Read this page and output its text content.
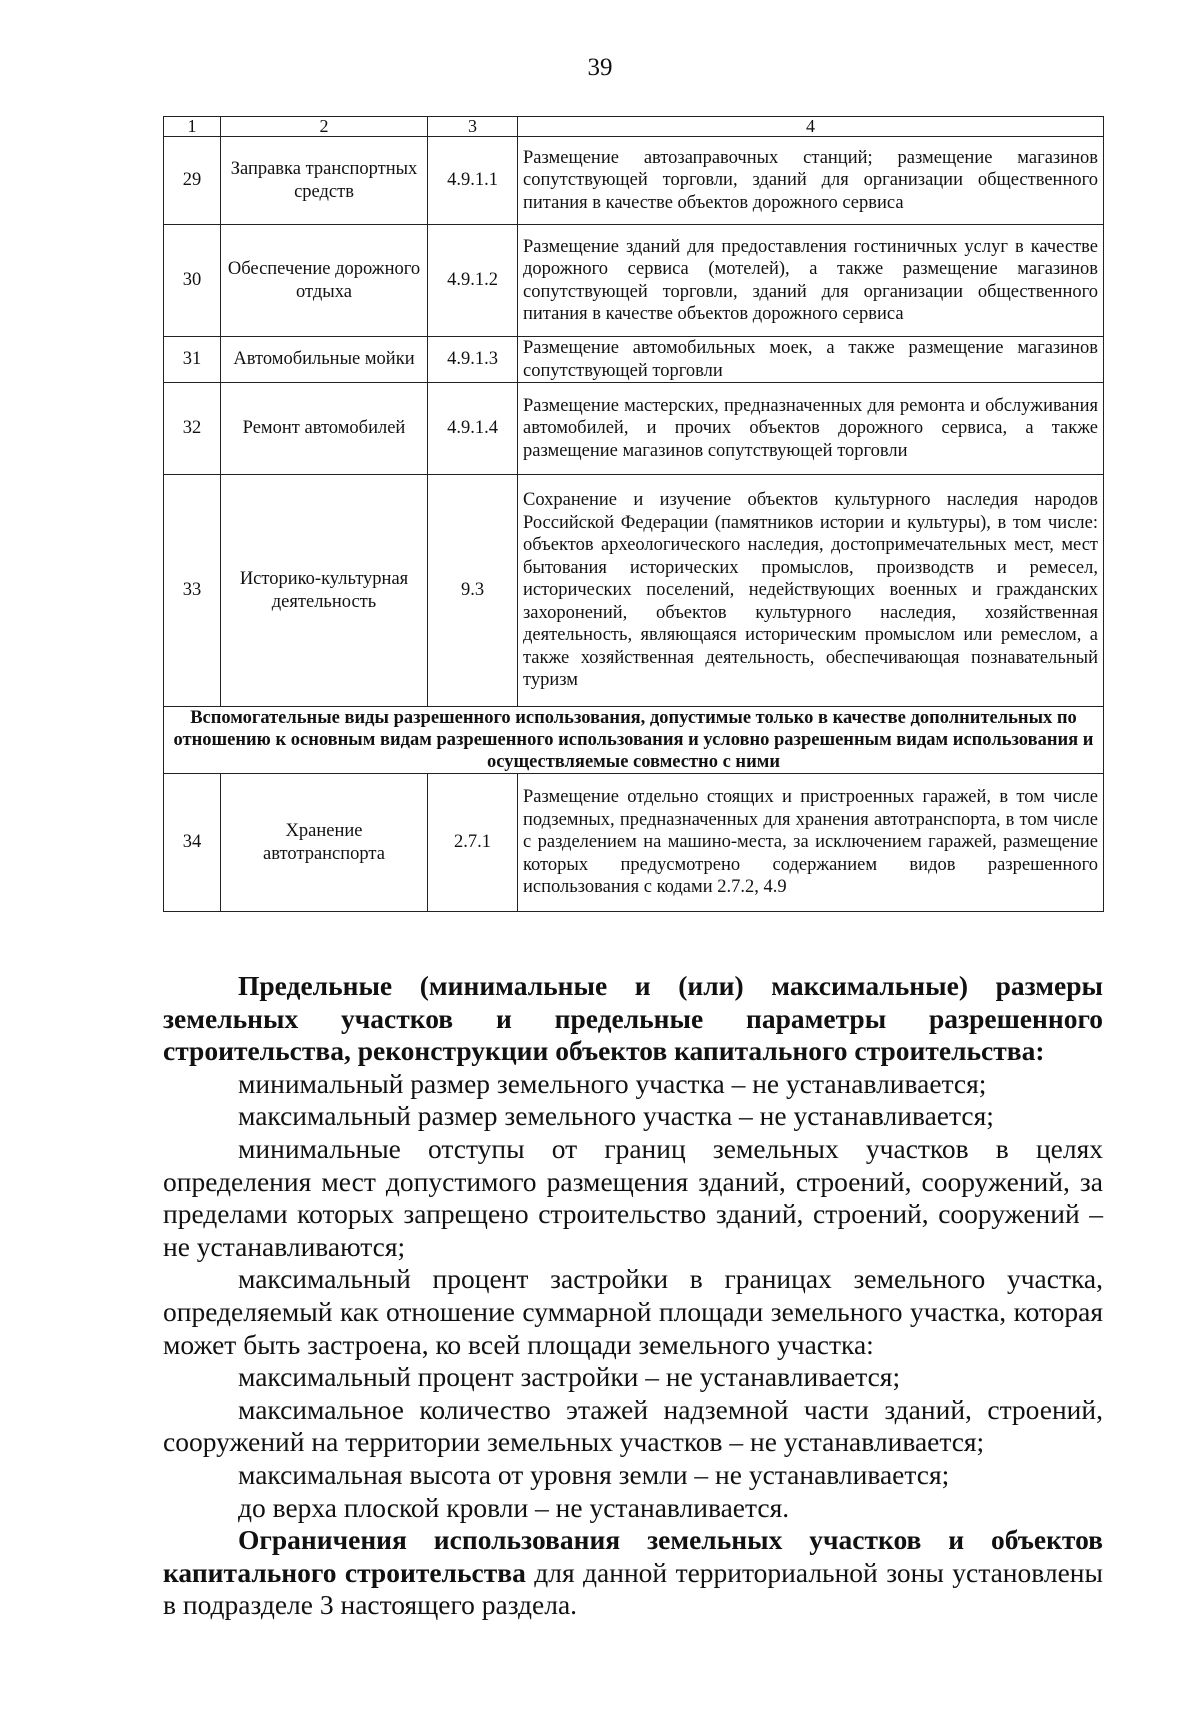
39
1	2	3	4
29	Заправка транспортных средств	4.9.1.1	Размещение автозаправочных станций; размещение магазинов сопутствующей торговли, зданий для организации общественного питания в качестве объектов дорожного сервиса
30	Обеспечение дорожного отдыха	4.9.1.2	Размещение зданий для предоставления гостиничных услуг в качестве дорожного сервиса (мотелей), а также размещение магазинов сопутствующей торговли, зданий для организации общественного питания в качестве объектов дорожного сервиса
31	Автомобильные мойки	4.9.1.3	Размещение автомобильных моек, а также размещение магазинов сопутствующей торговли
32	Ремонт автомобилей	4.9.1.4	Размещение мастерских, предназначенных для ремонта и обслуживания автомобилей, и прочих объектов дорожного сервиса, а также размещение магазинов сопутствующей торговли
33	Историко-культурная деятельность	9.3	Сохранение и изучение объектов культурного наследия народов Российской Федерации (памятников истории и культуры), в том числе: объектов археологического наследия, достопримечательных мест, мест бытования исторических промыслов, производств и ремесел, исторических поселений, недействующих военных и гражданских захоронений, объектов культурного наследия, хозяйственная деятельность, являющаяся историческим промыслом или ремеслом, а также хозяйственная деятельность, обеспечивающая познавательный туризм
Вспомогательные виды разрешенного использования, допустимые только в качестве дополнительных по отношению к основным видам разрешенного использования и условно разрешенным видам использования и осуществляемые совместно с ними			
34	Хранение автотранспорта	2.7.1	Размещение отдельно стоящих и пристроенных гаражей, в том числе подземных, предназначенных для хранения автотранспорта, в том числе с разделением на машино-места, за исключением гаражей, размещение которых предусмотрено содержанием видов разрешенного использования с кодами 2.7.2, 4.9

Предельные (минимальные и (или) максимальные) размеры земельных участков и предельные параметры разрешенного строительства, реконструкции объектов капитального строительства:

минимальный размер земельного участка – не устанавливается;

максимальный размер земельного участка – не устанавливается;

минимальные отступы от границ земельных участков в целях определения мест допустимого размещения зданий, строений, сооружений, за пределами которых запрещено строительство зданий, строений, сооружений – не устанавливаются;

максимальный процент застройки в границах земельного участка, определяемый как отношение суммарной площади земельного участка, которая может быть застроена, ко всей площади земельного участка:

максимальный процент застройки – не устанавливается;

максимальное количество этажей надземной части зданий, строений, сооружений на территории земельных участков – не устанавливается;

максимальная высота от уровня земли – не устанавливается;

до верха плоской кровли – не устанавливается.

Ограничения использования земельных участков и объектов капитального строительства для данной территориальной зоны установлены в подразделе 3 настоящего раздела.
